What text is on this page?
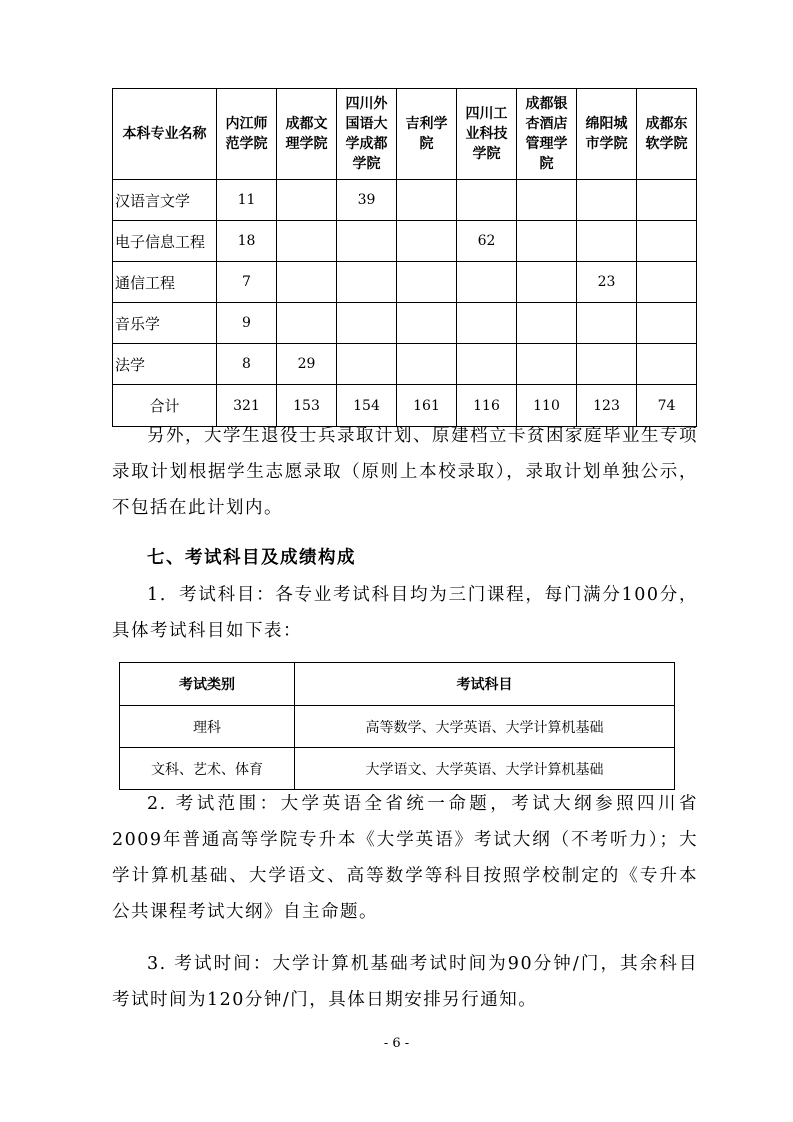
本科专业名称	内江师范学院	成都文理学院	四川外国语大学成都学院	吉利学院	四川工业科技学院	成都银杏酒店管理学院	绵阳城市学院	成都东软学院
汉语言文学	11		39					
电子信息工程	18				62			
通信工程	7						23	
音乐学	9							
法学	8	29						
合计	321	153	154	161	116	110	123	74

另外，大学生退役士兵录取计划、原建档立卡贫困家庭毕业生专项录取计划根据学生志愿录取（原则上本校录取），录取计划单独公示，不包括在此计划内。

七、考试科目及成绩构成

1．考试科目：各专业考试科目均为三门课程，每门满分100分，具体考试科目如下表：

考试类别	考试科目
理科	高等数学、大学英语、大学计算机基础
文科、艺术、体育	大学语文、大学英语、大学计算机基础

2. 考试范围：大学英语全省统一命题，考试大纲参照四川省2009年普通高等学院专升本《大学英语》考试大纲（不考听力）；大学计算机基础、大学语文、高等数学等科目按照学校制定的《专升本公共课程考试大纲》自主命题。

3. 考试时间：大学计算机基础考试时间为90分钟/门，其余科目考试时间为120分钟/门，具体日期安排另行通知。

- 6 -
